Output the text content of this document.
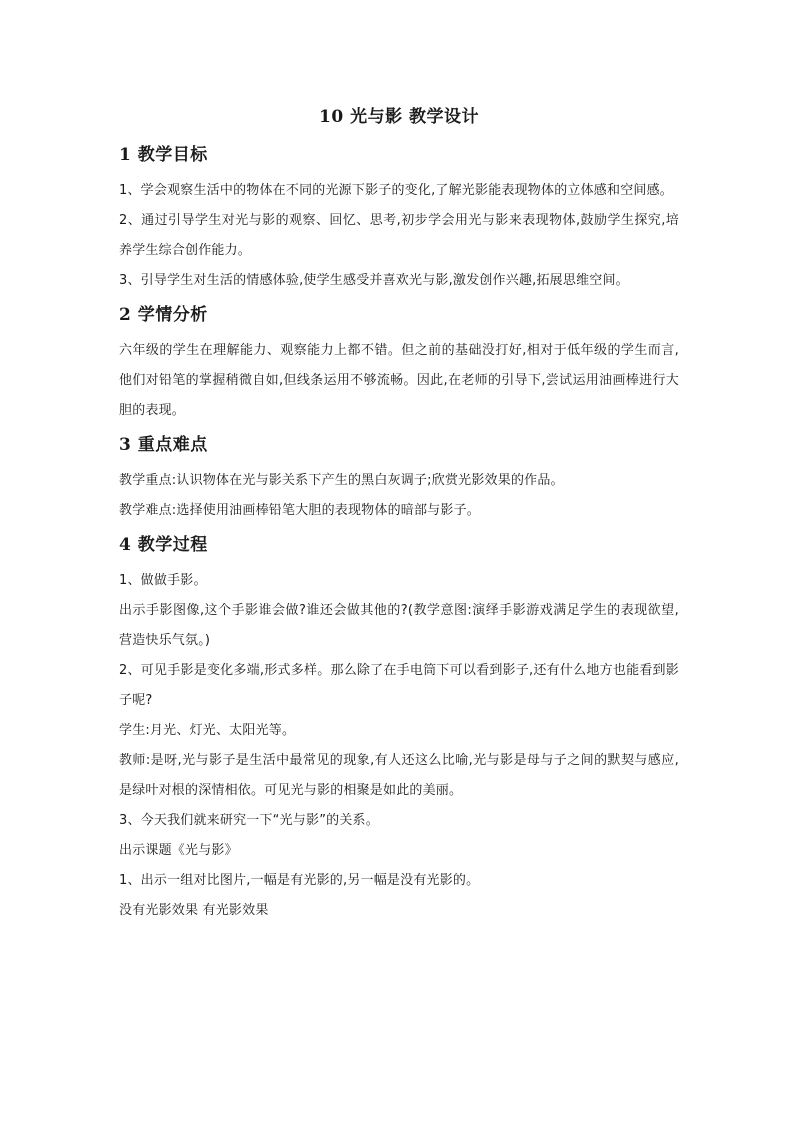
10 光与影 教学设计
1 教学目标

1、学会观察生活中的物体在不同的光源下影子的变化,了解光影能表现物体的立体感和空间感。

2、通过引导学生对光与影的观察、回忆、思考,初步学会用光与影来表现物体,鼓励学生探究,培养学生综合创作能力。

3、引导学生对生活的情感体验,使学生感受并喜欢光与影,激发创作兴趣,拓展思维空间。

2 学情分析

六年级的学生在理解能力、观察能力上都不错。但之前的基础没打好,相对于低年级的学生而言,他们对铅笔的掌握稍微自如,但线条运用不够流畅。因此,在老师的引导下,尝试运用油画棒进行大胆的表现。

3 重点难点

教学重点:认识物体在光与影关系下产生的黑白灰调子;欣赏光影效果的作品。

教学难点:选择使用油画棒铅笔大胆的表现物体的暗部与影子。

4 教学过程

1、做做手影。

出示手影图像,这个手影谁会做?谁还会做其他的?(教学意图:演绎手影游戏满足学生的表现欲望,营造快乐气氛。)

2、可见手影是变化多端,形式多样。那么除了在手电筒下可以看到影子,还有什么地方也能看到影子呢?

学生:月光、灯光、太阳光等。

教师:是呀,光与影子是生活中最常见的现象,有人还这么比喻,光与影是母与子之间的默契与感应,是绿叶对根的深情相依。可见光与影的相聚是如此的美丽。

3、今天我们就来研究一下“光与影”的关系。

出示课题《光与影》

1、出示一组对比图片,一幅是有光影的,另一幅是没有光影的。

没有光影效果 有光影效果
